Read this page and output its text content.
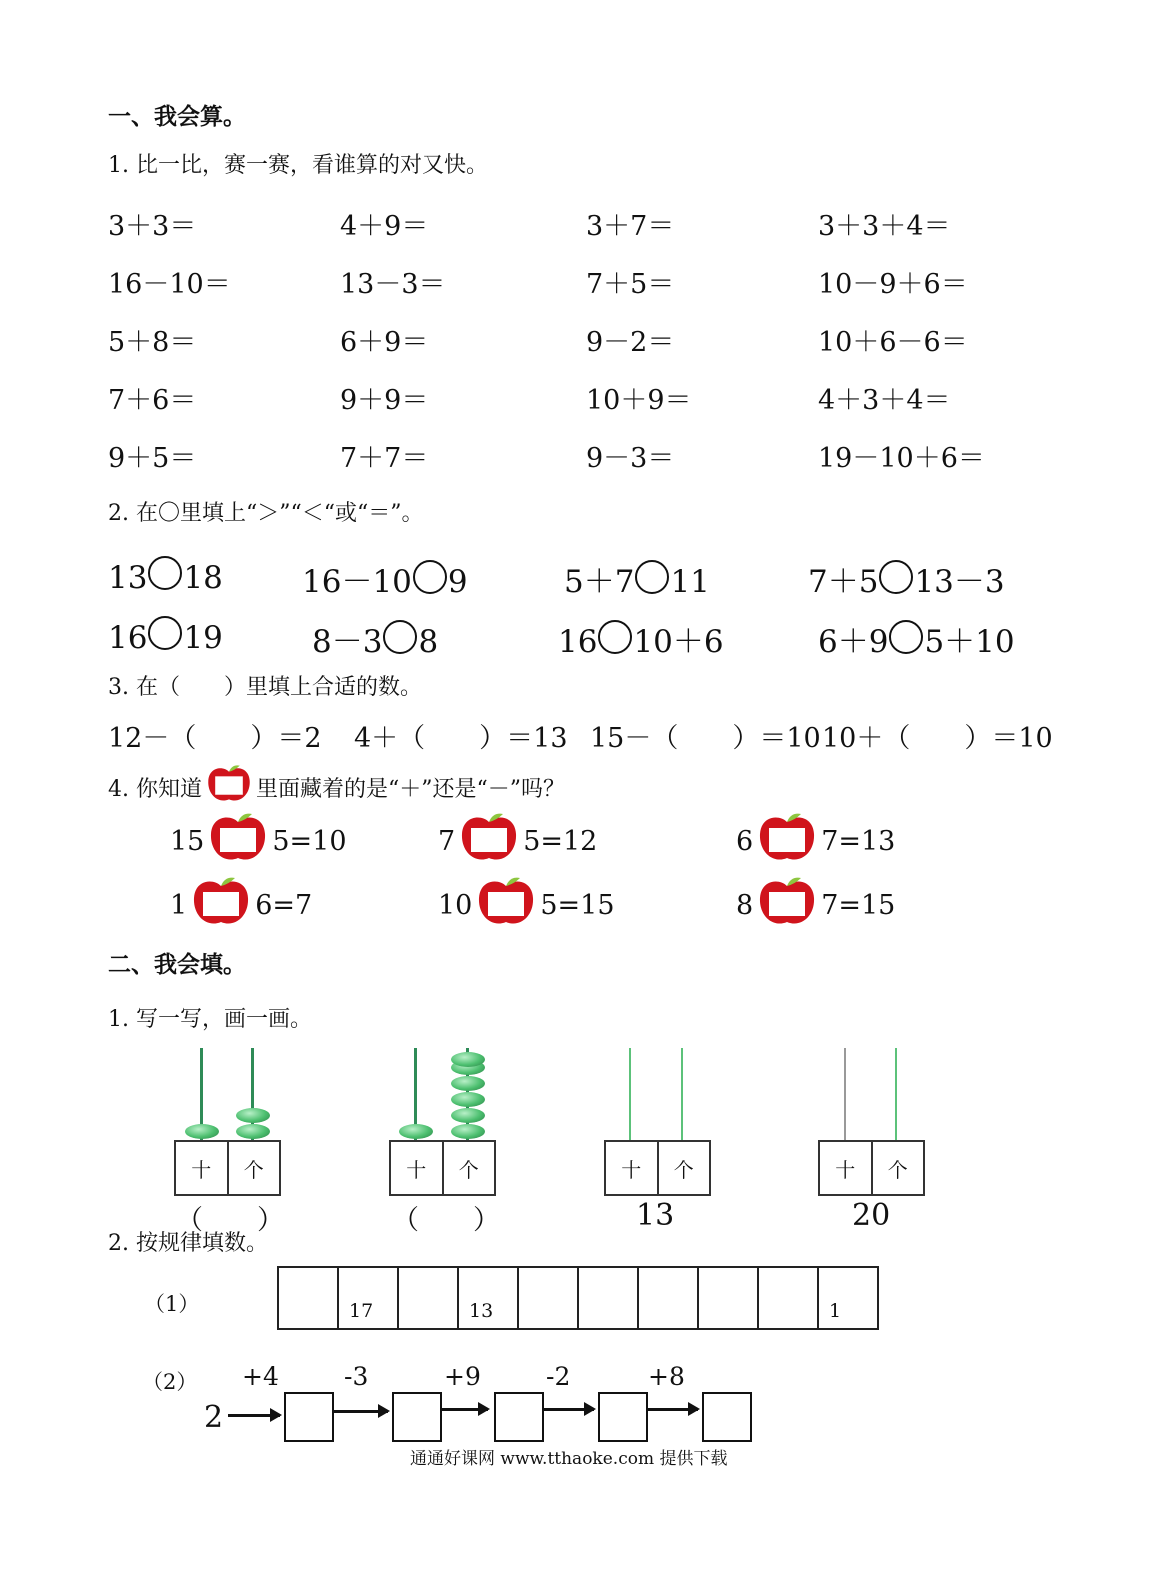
一、我会算。
1. 比一比，赛一赛，看谁算的对又快。
3＋3＝	4＋9＝	3＋7＝	3＋3＋4＝
16－10＝	13－3＝	7＋5＝	10－9＋6＝
5＋8＝	6＋9＝	9－2＝	10＋6－6＝
7＋6＝	9＋9＝	10＋9＝	4＋3＋4＝
9＋5＝	7＋7＝	9－3＝	19－10＋6＝
2. 在〇里填上“＞”“＜“或“＝”。
13 18	16－10 9	5＋7 11	7＋5 13－3
16 19	8－3 8	16 10＋6	6＋9 5＋10
3. 在（　　）里填上合适的数。
12－（　　）＝2 4＋（　　）＝13 15－（　　）＝10 10＋（　　）＝10
4. 你知道 里面藏着的是“＋”还是“－”吗？
15	5=10	7	5=12	6	7=13
1	6=7	10	5=15	8	7=15
二、我会填。
1. 写一写，画一画。
十	个
（　　）
十	个
（　　）
十	个
13
十	个
20
2. 按规律填数。
（1）	17	13	1
（2）
2
+4	-3	+9	-2	+8
通通好课网 www.tthaoke.com 提供下载
